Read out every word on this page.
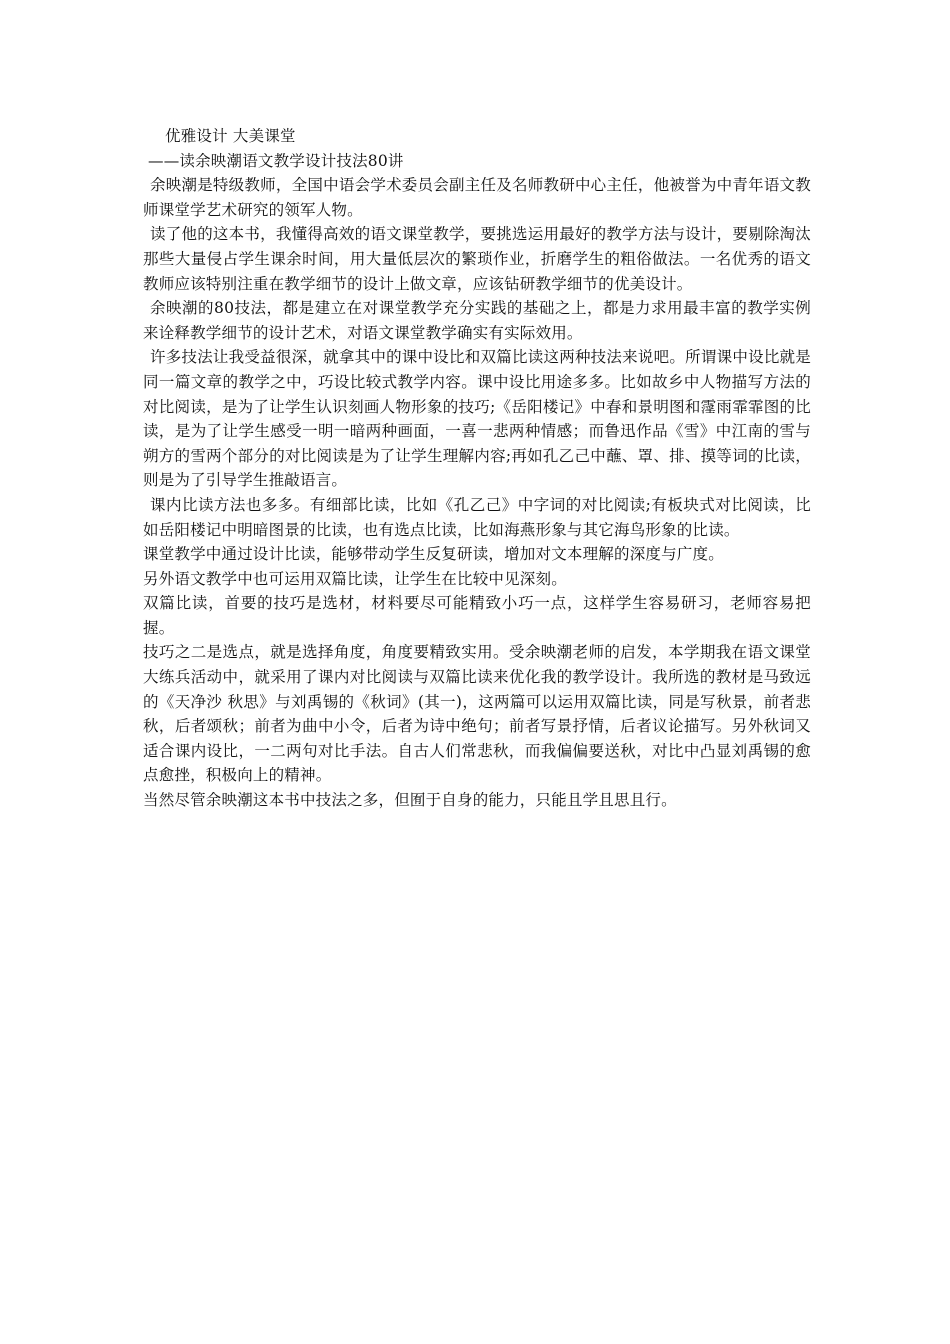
优雅设计 大美课堂
——读余映潮语文教学设计技法80讲

余映潮是特级教师，全国中语会学术委员会副主任及名师教研中心主任，他被誉为中青年语文教师课堂学艺术研究的领军人物。

读了他的这本书，我懂得高效的语文课堂教学，要挑选运用最好的教学方法与设计，要剔除淘汰那些大量侵占学生课余时间，用大量低层次的繁琐作业，折磨学生的粗俗做法。一名优秀的语文教师应该特别注重在教学细节的设计上做文章，应该钻研教学细节的优美设计。

余映潮的80技法，都是建立在对课堂教学充分实践的基础之上，都是力求用最丰富的教学实例来诠释教学细节的设计艺术，对语文课堂教学确实有实际效用。

许多技法让我受益很深，就拿其中的课中设比和双篇比读这两种技法来说吧。所谓课中设比就是同一篇文章的教学之中，巧设比较式教学内容。课中设比用途多多。比如故乡中人物描写方法的对比阅读，是为了让学生认识刻画人物形象的技巧;《岳阳楼记》中春和景明图和霪雨霏霏图的比读，是为了让学生感受一明一暗两种画面，一喜一悲两种情感；而鲁迅作品《雪》中江南的雪与朔方的雪两个部分的对比阅读是为了让学生理解内容;再如孔乙己中蘸、罩、排、摸等词的比读，则是为了引导学生推敲语言。

课内比读方法也多多。有细部比读，比如《孔乙己》中字词的对比阅读;有板块式对比阅读，比如岳阳楼记中明暗图景的比读，也有选点比读，比如海燕形象与其它海鸟形象的比读。

课堂教学中通过设计比读，能够带动学生反复研读，增加对文本理解的深度与广度。

另外语文教学中也可运用双篇比读，让学生在比较中见深刻。

双篇比读，首要的技巧是选材，材料要尽可能精致小巧一点，这样学生容易研习，老师容易把握。

技巧之二是选点，就是选择角度，角度要精致实用。受余映潮老师的启发，本学期我在语文课堂大练兵活动中，就采用了课内对比阅读与双篇比读来优化我的教学设计。我所选的教材是马致远的《天净沙 秋思》与刘禹锡的《秋词》(其一)，这两篇可以运用双篇比读，同是写秋景，前者悲秋，后者颂秋；前者为曲中小令，后者为诗中绝句；前者写景抒情，后者议论描写。另外秋词又适合课内设比，一二两句对比手法。自古人们常悲秋，而我偏偏要送秋，对比中凸显刘禹锡的愈点愈挫，积极向上的精神。

当然尽管余映潮这本书中技法之多，但囿于自身的能力，只能且学且思且行。
